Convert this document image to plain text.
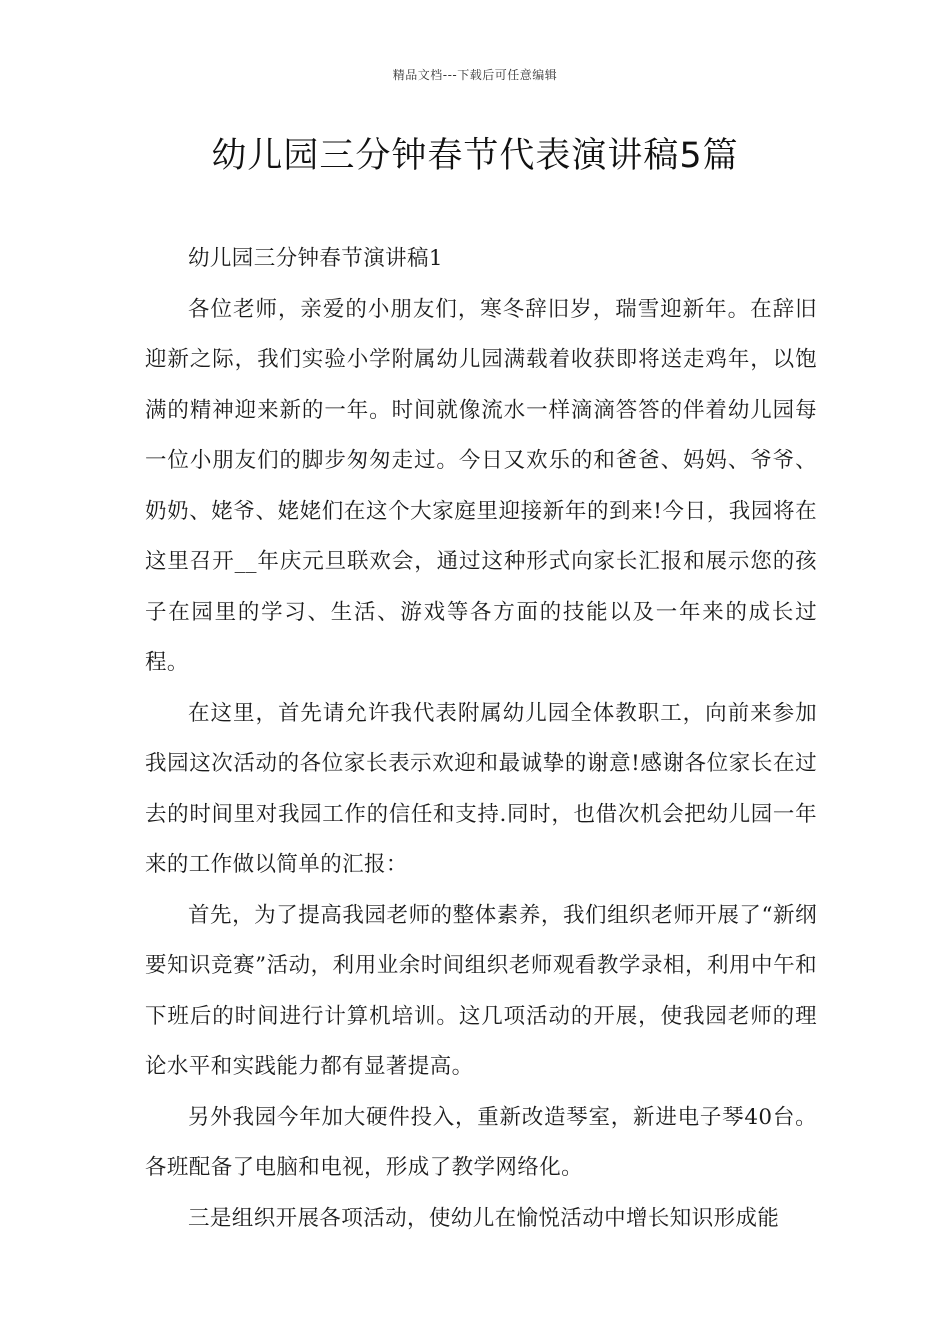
精品文档---下载后可任意编辑
幼儿园三分钟春节代表演讲稿5篇

幼儿园三分钟春节演讲稿1

各位老师，亲爱的小朋友们，寒冬辞旧岁，瑞雪迎新年。在辞旧迎新之际，我们实验小学附属幼儿园满载着收获即将送走鸡年，以饱满的精神迎来新的一年。时间就像流水一样滴滴答答的伴着幼儿园每一位小朋友们的脚步匆匆走过。今日又欢乐的和爸爸、妈妈、爷爷、奶奶、姥爷、姥姥们在这个大家庭里迎接新年的到来!今日，我园将在这里召开__年庆元旦联欢会，通过这种形式向家长汇报和展示您的孩子在园里的学习、生活、游戏等各方面的技能以及一年来的成长过程。

在这里，首先请允许我代表附属幼儿园全体教职工，向前来参加我园这次活动的各位家长表示欢迎和最诚挚的谢意!感谢各位家长在过去的时间里对我园工作的信任和支持.同时，也借次机会把幼儿园一年来的工作做以简单的汇报：

首先，为了提高我园老师的整体素养，我们组织老师开展了“新纲要知识竞赛”活动，利用业余时间组织老师观看教学录相，利用中午和下班后的时间进行计算机培训。这几项活动的开展，使我园老师的理论水平和实践能力都有显著提高。

另外我园今年加大硬件投入，重新改造琴室，新进电子琴40台。各班配备了电脑和电视，形成了教学网络化。

三是组织开展各项活动，使幼儿在愉悦活动中增长知识形成能
